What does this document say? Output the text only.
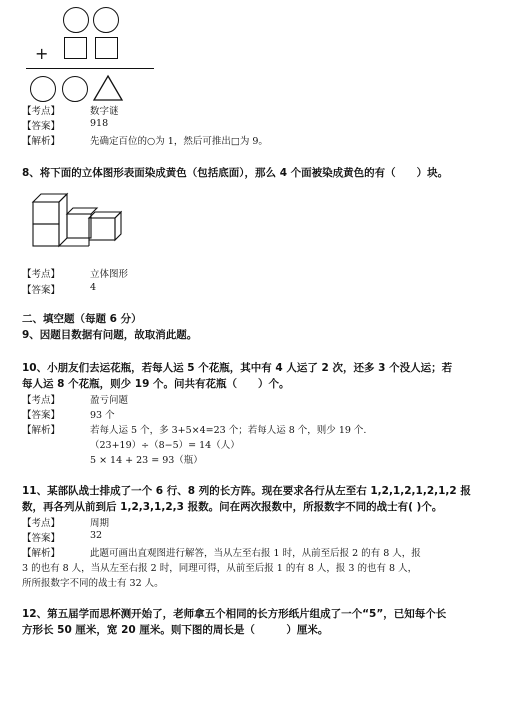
+
【考点】	数字谜
【答案】	918
【解析】	先确定百位的○为 1，然后可推出□为 9。
8、将下面的立体图形表面染成黄色（包括底面），那么 4 个面被染成黄色的有（　　）块。
【考点】	立体图形
【答案】	4
二、填空题（每题 6 分）
9、因题目数据有问题，故取消此题。
10、小朋友们去运花瓶，若每人运 5 个花瓶，其中有 4 人运了 2 次，还多 3 个没人运；若
每人运 8 个花瓶，则少 19 个。问共有花瓶（　　）个。
【考点】	盈亏问题
【答案】	93 个
【解析】	若每人运 5 个，多 3+5×4=23 个；若每人运 8 个，则少 19 个.
（23+19）÷（8−5）= 14（人）
5 × 14 + 23 = 93（瓶）
11、某部队战士排成了一个 6 行、8 列的长方阵。现在要求各行从左至右 1,2,1,2,1,2,1,2 报
数，再各列从前到后 1,2,3,1,2,3 报数。问在两次报数中，所报数字不同的战士有( )个。
【考点】	周期
【答案】	32
【解析】	此题可画出直观图进行解答，当从左至右报 1 时，从前至后报 2 的有 8 人，报
3 的也有 8 人，当从左至右报 2 时，同理可得，从前至后报 1 的有 8 人，报 3 的也有 8 人，
所所报数字不同的战士有 32 人。
12、第五届学而思杯测开始了，老师拿五个相同的长方形纸片组成了一个“5”，已知每个长
方形长 50 厘米，宽 20 厘米。则下图的周长是（　　　）厘米。
